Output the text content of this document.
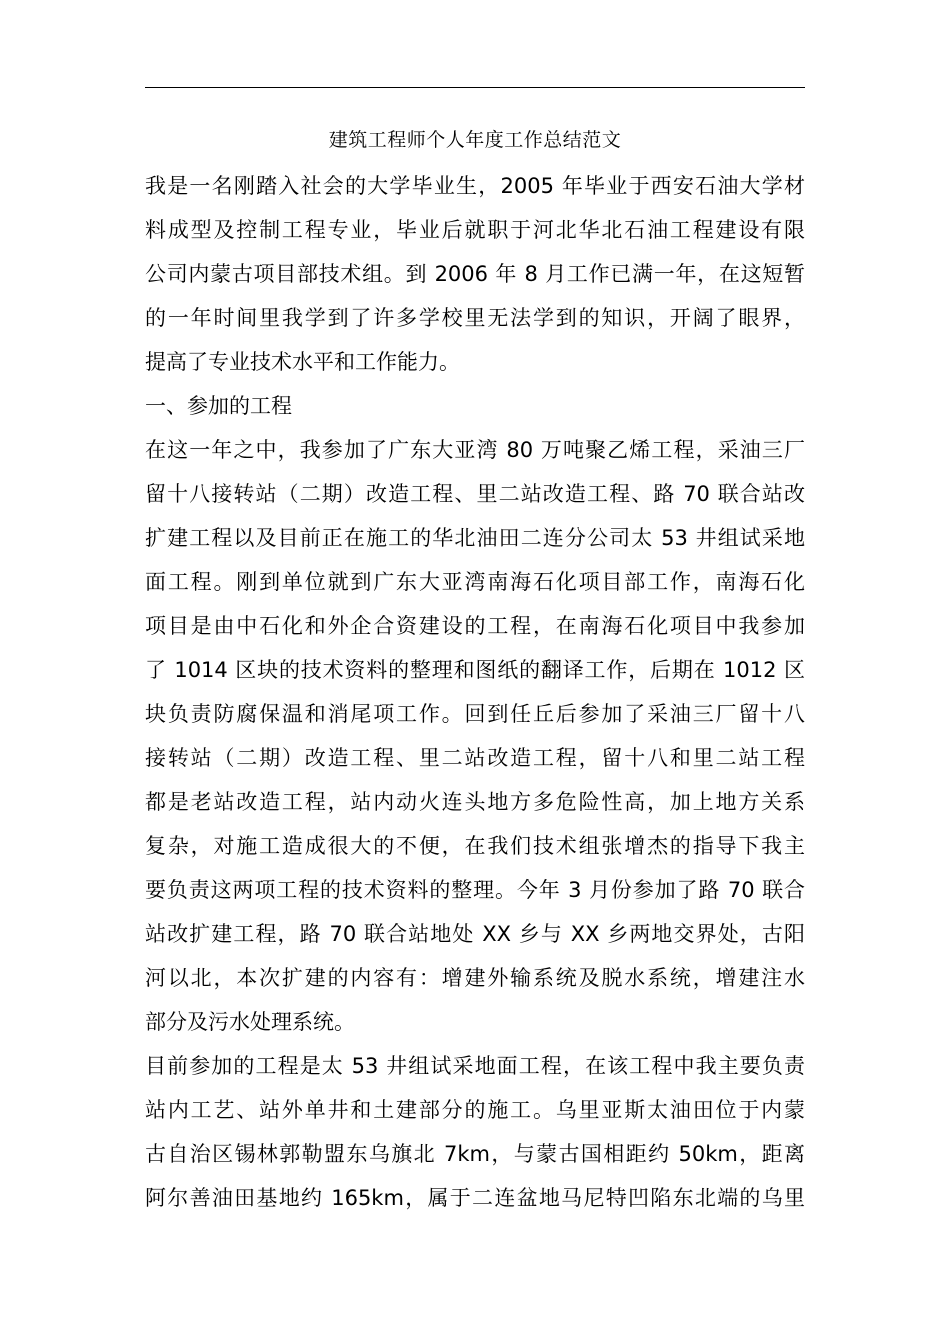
建筑工程师个人年度工作总结范文
我是一名刚踏入社会的大学毕业生，2005 年毕业于西安石油大学材
料成型及控制工程专业，毕业后就职于河北华北石油工程建设有限
公司内蒙古项目部技术组。到 2006 年 8 月工作已满一年，在这短暂
的一年时间里我学到了许多学校里无法学到的知识，开阔了眼界，
提高了专业技术水平和工作能力。
一、参加的工程
在这一年之中，我参加了广东大亚湾 80 万吨聚乙烯工程，采油三厂
留十八接转站（二期）改造工程、里二站改造工程、路 70 联合站改
扩建工程以及目前正在施工的华北油田二连分公司太 53 井组试采地
面工程。刚到单位就到广东大亚湾南海石化项目部工作，南海石化
项目是由中石化和外企合资建设的工程，在南海石化项目中我参加
了 1014 区块的技术资料的整理和图纸的翻译工作，后期在 1012 区
块负责防腐保温和消尾项工作。回到任丘后参加了采油三厂留十八
接转站（二期）改造工程、里二站改造工程，留十八和里二站工程
都是老站改造工程，站内动火连头地方多危险性高，加上地方关系
复杂，对施工造成很大的不便，在我们技术组张增杰的指导下我主
要负责这两项工程的技术资料的整理。今年 3 月份参加了路 70 联合
站改扩建工程，路 70 联合站地处 XX 乡与 XX 乡两地交界处，古阳
河以北，本次扩建的内容有：增建外输系统及脱水系统，增建注水
部分及污水处理系统。
目前参加的工程是太 53 井组试采地面工程，在该工程中我主要负责
站内工艺、站外单井和土建部分的施工。乌里亚斯太油田位于内蒙
古自治区锡林郭勒盟东乌旗北 7km，与蒙古国相距约 50km，距离
阿尔善油田基地约 165km，属于二连盆地马尼特凹陷东北端的乌里
